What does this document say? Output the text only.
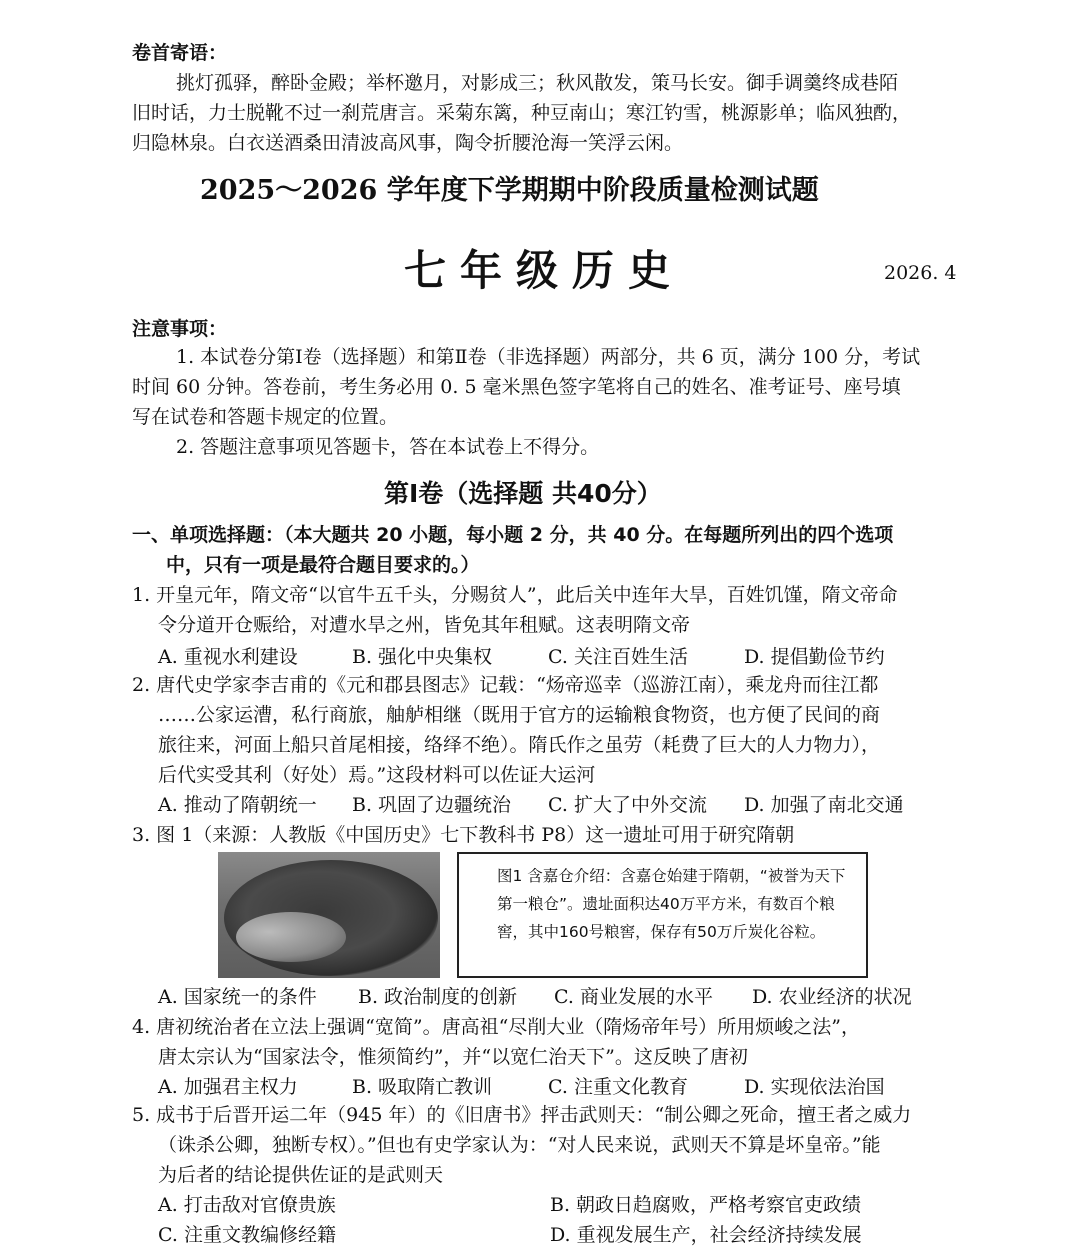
卷首寄语：
挑灯孤驿，醉卧金殿；举杯邀月，对影成三；秋风散发，策马长安。御手调羹终成巷陌
旧时话，力士脱靴不过一刹荒唐言。采菊东篱，种豆南山；寒江钓雪，桃源影单；临风独酌，
归隐林泉。白衣送酒桑田清波高风事，陶令折腰沧海一笑浮云闲。
2025～2026 学年度下学期期中阶段质量检测试题
七年级历史	2026. 4
注意事项：
1. 本试卷分第Ⅰ卷（选择题）和第Ⅱ卷（非选择题）两部分，共 6 页，满分 100 分，考试
时间 60 分钟。答卷前，考生务必用 0. 5 毫米黑色签字笔将自己的姓名、准考证号、座号填
写在试卷和答题卡规定的位置。
2. 答题注意事项见答题卡，答在本试卷上不得分。
第Ⅰ卷（选择题 共40分）
一、单项选择题：（本大题共 20 小题，每小题 2 分，共 40 分。在每题所列出的四个选项
中，只有一项是最符合题目要求的。）
1. 开皇元年，隋文帝“以官牛五千头，分赐贫人”，此后关中连年大旱，百姓饥馑，隋文帝命
令分道开仓赈给，对遭水旱之州，皆免其年租赋。这表明隋文帝
A. 重视水利建设	B. 强化中央集权	C. 关注百姓生活	D. 提倡勤俭节约
2. 唐代史学家李吉甫的《元和郡县图志》记载：“炀帝巡幸（巡游江南），乘龙舟而往江都
……公家运漕，私行商旅，舳舻相继（既用于官方的运输粮食物资，也方便了民间的商
旅往来，河面上船只首尾相接，络绎不绝）。隋氏作之虽劳（耗费了巨大的人力物力），
后代实受其利（好处）焉。”这段材料可以佐证大运河
A. 推动了隋朝统一 B. 巩固了边疆统治 C. 扩大了中外交流 D. 加强了南北交通
3. 图 1（来源：人教版《中国历史》七下教科书 P8）这一遗址可用于研究隋朝
图1 含嘉仓介绍：含嘉仓始建于隋朝，“被誉为天下第一粮仓”。遗址面积达40万平方米，有数百个粮窖，其中160号粮窖，保存有50万斤炭化谷粒。
A. 国家统一的条件 B. 政治制度的创新 C. 商业发展的水平 D. 农业经济的状况
4. 唐初统治者在立法上强调“宽简”。唐高祖“尽削大业（隋炀帝年号）所用烦峻之法”，
唐太宗认为“国家法令，惟须简约”，并“以宽仁治天下”。这反映了唐初
A. 加强君主权力	B. 吸取隋亡教训	C. 注重文化教育	D. 实现依法治国
5. 成书于后晋开运二年（945 年）的《旧唐书》抨击武则天：“制公卿之死命，擅王者之威力
（诛杀公卿，独断专权）。”但也有史学家认为：“对人民来说，武则天不算是坏皇帝。”能
为后者的结论提供佐证的是武则天
A. 打击敌对官僚贵族	B. 朝政日趋腐败，严格考察官吏政绩
C. 注重文教编修经籍	D. 重视发展生产，社会经济持续发展
